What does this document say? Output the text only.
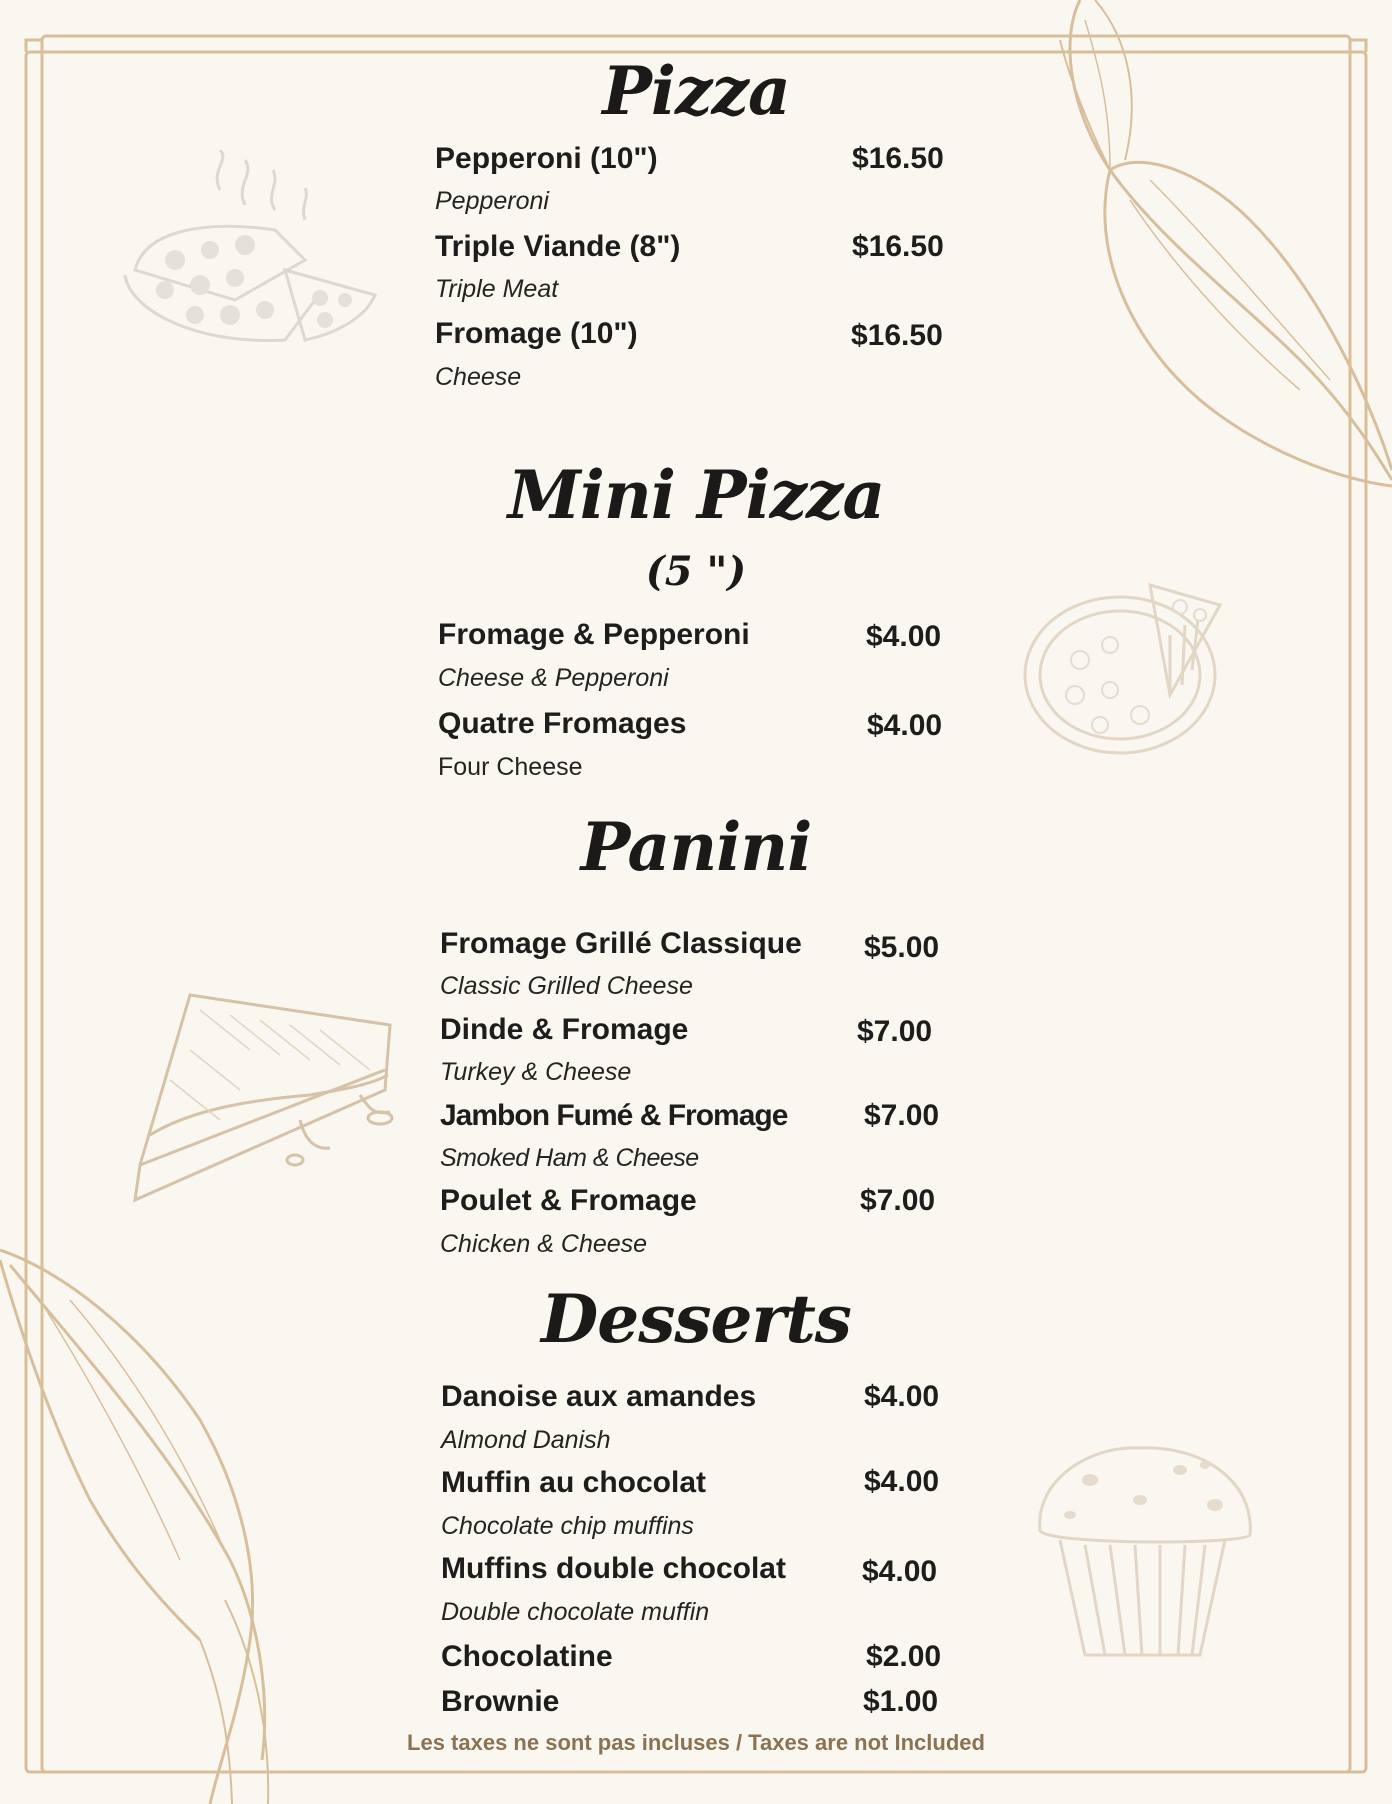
Pizza
Pepperoni (10")	$16.50
Pepperoni
Triple Viande (8")	$16.50
Triple Meat
Fromage (10")	$16.50
Cheese
Mini Pizza
(5 ")
Fromage & Pepperoni	$4.00
Cheese & Pepperoni
Quatre Fromages	$4.00
Four Cheese
Panini
Fromage Grillé Classique $5.00
Classic Grilled Cheese
Dinde & Fromage	$7.00
Turkey & Cheese
Jambon Fumé & Fromage	$7.00
Smoked Ham & Cheese
Poulet & Fromage	$7.00
Chicken & Cheese
Desserts
Danoise aux amandes	$4.00
Almond Danish
Muffin au chocolat	$4.00
Chocolate chip muffins
Muffins double chocolat	$4.00
Double chocolate muffin
Chocolatine	$2.00
Brownie	$1.00
Les taxes ne sont pas incluses / Taxes are not Included
